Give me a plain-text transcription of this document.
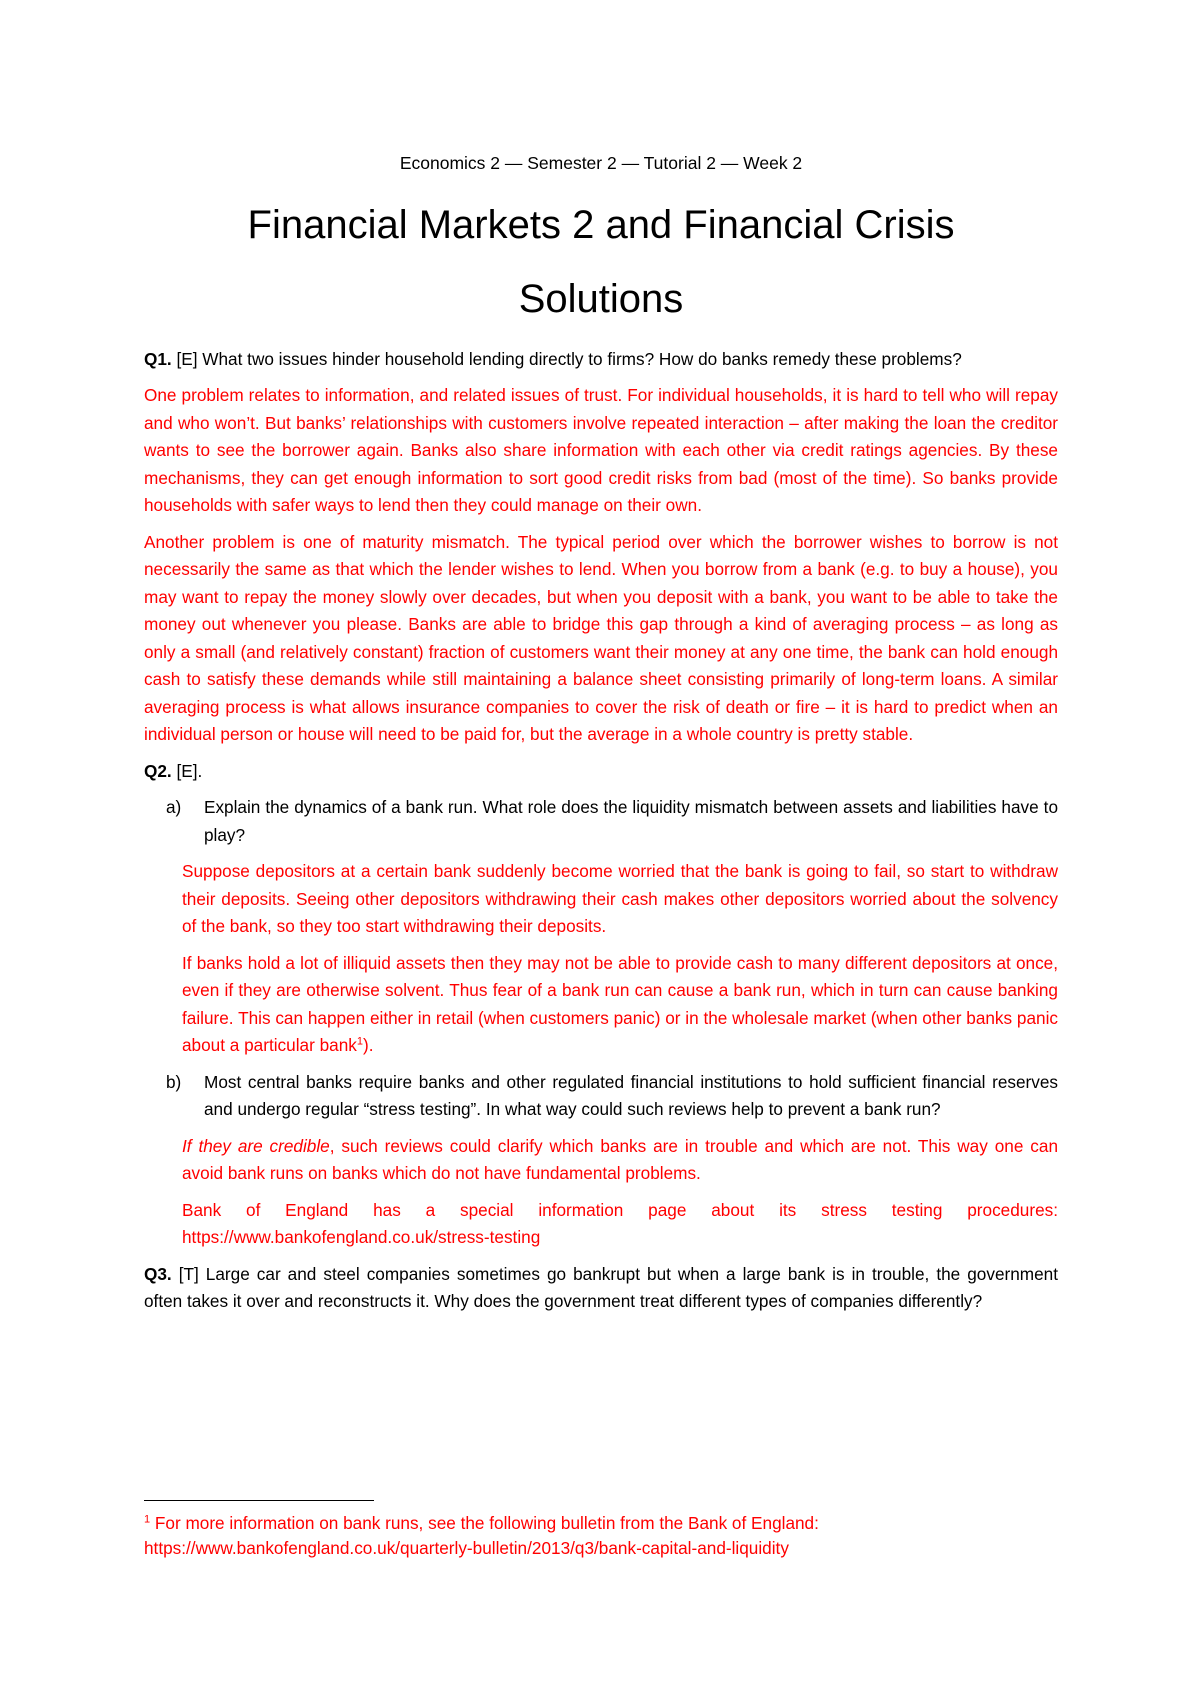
Economics 2 — Semester 2 — Tutorial 2 — Week 2
Financial Markets 2 and Financial Crisis
Solutions

Q1. [E] What two issues hinder household lending directly to firms? How do banks remedy these problems?

One problem relates to information, and related issues of trust. For individual households, it is hard to tell who will repay and who won’t. But banks’ relationships with customers involve repeated interaction – after making the loan the creditor wants to see the borrower again. Banks also share information with each other via credit ratings agencies. By these mechanisms, they can get enough information to sort good credit risks from bad (most of the time). So banks provide households with safer ways to lend then they could manage on their own.

Another problem is one of maturity mismatch. The typical period over which the borrower wishes to borrow is not necessarily the same as that which the lender wishes to lend. When you borrow from a bank (e.g. to buy a house), you may want to repay the money slowly over decades, but when you deposit with a bank, you want to be able to take the money out whenever you please. Banks are able to bridge this gap through a kind of averaging process – as long as only a small (and relatively constant) fraction of customers want their money at any one time, the bank can hold enough cash to satisfy these demands while still maintaining a balance sheet consisting primarily of long-term loans. A similar averaging process is what allows insurance companies to cover the risk of death or fire – it is hard to predict when an individual person or house will need to be paid for, but the average in a whole country is pretty stable.

Q2. [E].

a)	Explain the dynamics of a bank run. What role does the liquidity mismatch between assets and liabilities have to play?

Suppose depositors at a certain bank suddenly become worried that the bank is going to fail, so start to withdraw their deposits. Seeing other depositors withdrawing their cash makes other depositors worried about the solvency of the bank, so they too start withdrawing their deposits.

If banks hold a lot of illiquid assets then they may not be able to provide cash to many different depositors at once, even if they are otherwise solvent. Thus fear of a bank run can cause a bank run, which in turn can cause banking failure. This can happen either in retail (when customers panic) or in the wholesale market (when other banks panic about a particular bank$^1$).

b)	Most central banks require banks and other regulated financial institutions to hold sufficient financial reserves and undergo regular “stress testing”. In what way could such reviews help to prevent a bank run?

If they are credible, such reviews could clarify which banks are in trouble and which are not. This way one can avoid bank runs on banks which do not have fundamental problems.

Bank of England has a special information page about its stress testing procedures:
https://www.bankofengland.co.uk/stress-testing

Q3. [T] Large car and steel companies sometimes go bankrupt but when a large bank is in trouble, the government often takes it over and reconstructs it. Why does the government treat different types of companies differently?

$^1$ For more information on bank runs, see the following bulletin from the Bank of England:
https://www.bankofengland.co.uk/quarterly-bulletin/2013/q3/bank-capital-and-liquidity
